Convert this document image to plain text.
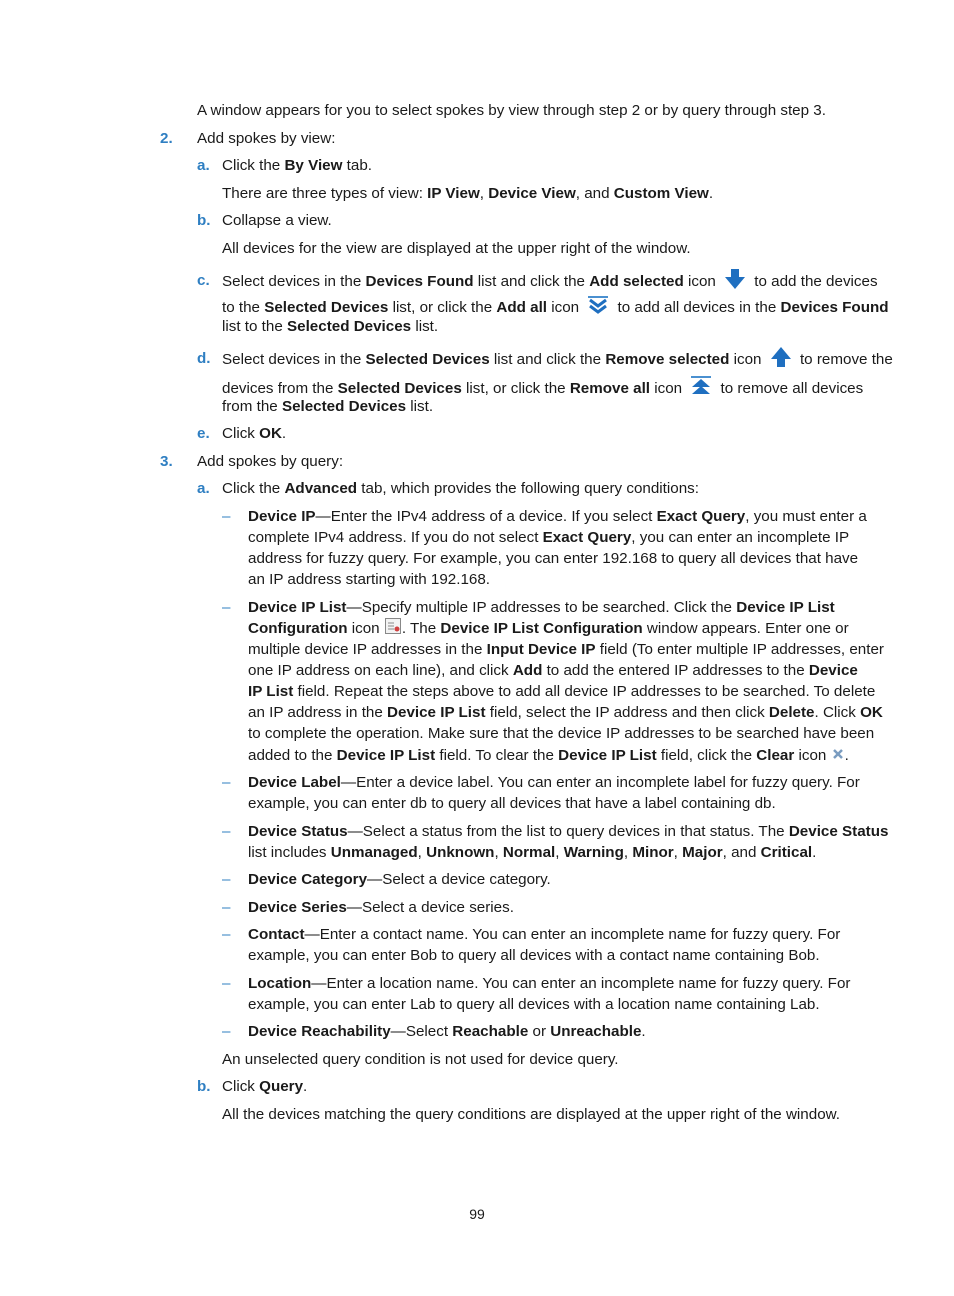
A window appears for you to select spokes by view through step 2 or by query through step 3.
2. Add spokes by view:
a. Click the By View tab.
There are three types of view: IP View, Device View, and Custom View.
b. Collapse a view.
All devices for the view are displayed at the upper right of the window.
c. Select devices in the Devices Found list and click the Add selected icon  to add the devices
to the Selected Devices list, or click the Add all icon  to add all devices in the Devices Found
list to the Selected Devices list.
d. Select devices in the Selected Devices list and click the Remove selected icon  to remove the
devices from the Selected Devices list, or click the Remove all icon  to remove all devices
from the Selected Devices list.
e. Click OK.
3. Add spokes by query:
a. Click the Advanced tab, which provides the following query conditions:
– Device IP—Enter the IPv4 address of a device. If you select Exact Query, you must enter a
complete IPv4 address. If you do not select Exact Query, you can enter an incomplete IP
address for fuzzy query. For example, you can enter 192.168 to query all devices that have
an IP address starting with 192.168.
– Device IP List—Specify multiple IP addresses to be searched. Click the Device IP List
Configuration icon . The Device IP List Configuration window appears. Enter one or
multiple device IP addresses in the Input Device IP field (To enter multiple IP addresses, enter
one IP address on each line), and click Add to add the entered IP addresses to the Device
IP List field. Repeat the steps above to add all device IP addresses to be searched. To delete
an IP address in the Device IP List field, select the IP address and then click Delete. Click OK
to complete the operation. Make sure that the device IP addresses to be searched have been
added to the Device IP List field. To clear the Device IP List field, click the Clear icon .
– Device Label—Enter a device label. You can enter an incomplete label for fuzzy query. For
example, you can enter db to query all devices that have a label containing db.
– Device Status—Select a status from the list to query devices in that status. The Device Status
list includes Unmanaged, Unknown, Normal, Warning, Minor, Major, and Critical.
– Device Category—Select a device category.
– Device Series—Select a device series.
– Contact—Enter a contact name. You can enter an incomplete name for fuzzy query. For
example, you can enter Bob to query all devices with a contact name containing Bob.
– Location—Enter a location name. You can enter an incomplete name for fuzzy query. For
example, you can enter Lab to query all devices with a location name containing Lab.
– Device Reachability—Select Reachable or Unreachable.
An unselected query condition is not used for device query.
b. Click Query.
All the devices matching the query conditions are displayed at the upper right of the window.
99
